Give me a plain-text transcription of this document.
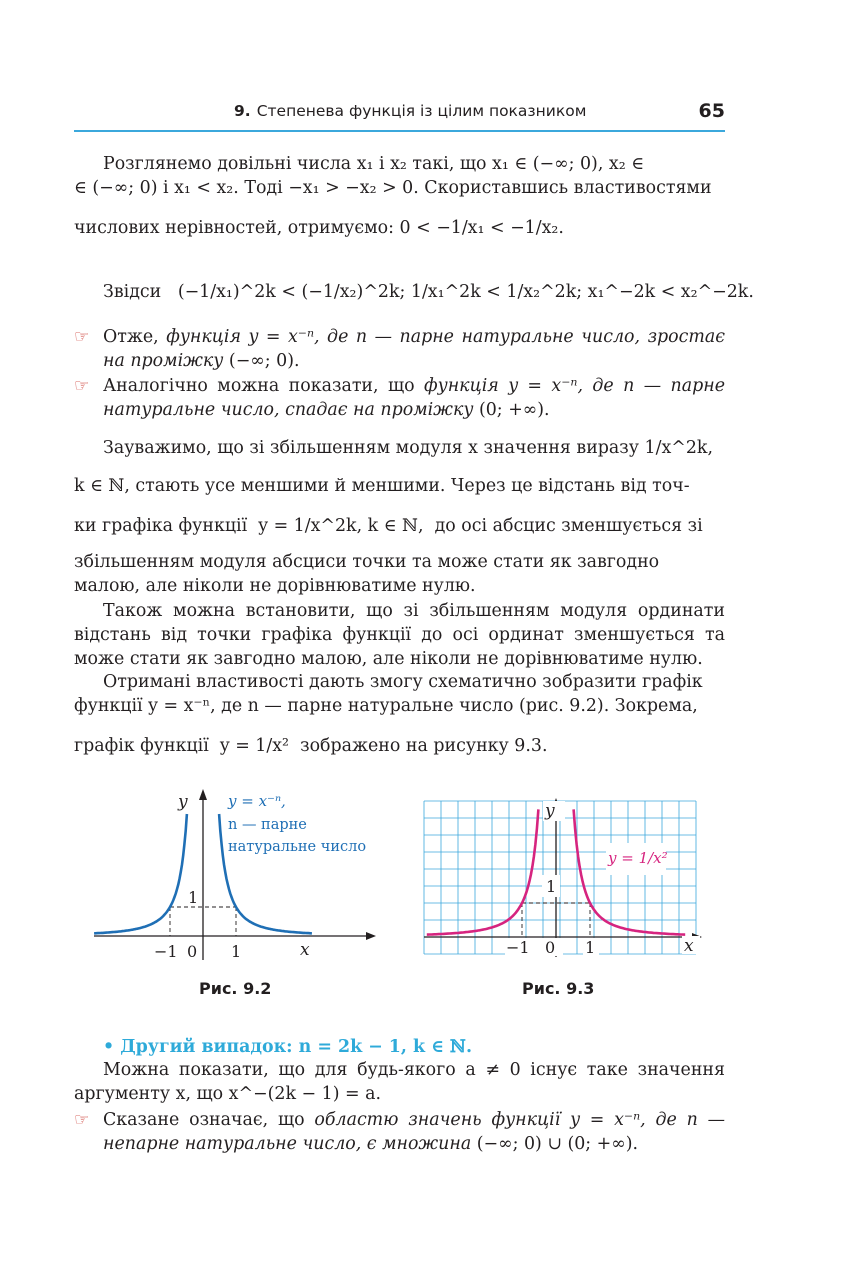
9. Степенева функція із цілим показником	65
Розглянемо довільні числа x₁ і x₂ такі, що x₁ ∈ (−∞; 0), x₂ ∈
∈ (−∞; 0) і x₁ < x₂. Тоді −x₁ > −x₂ > 0. Скориставшись властивостями
числових нерівностей, отримуємо: 0 < −1/x₁ < −1/x₂.
Звідси (−1/x₁)^2k < (−1/x₂)^2k; 1/x₁^2k < 1/x₂^2k; x₁^−2k < x₂^−2k.
☞ Отже, функція y = x⁻ⁿ, де n — парне натуральне число, зростає на проміжку (−∞; 0).
☞ Аналогічно можна показати, що функція y = x⁻ⁿ, де n — парне натуральне число, спадає на проміжку (0; +∞).
Зауважимо, що зі збільшенням модуля x значення виразу 1/x^2k,
k ∈ ℕ, стають усе меншими й меншими. Через це відстань від точ-
ки графіка функції y = 1/x^2k, k ∈ ℕ, до осі абсцис зменшується зі
збільшенням модуля абсциси точки та може стати як завгодно
малою, але ніколи не дорівнюватиме нулю.
Також можна встановити, що зі збільшенням модуля ординати відстань від точки графіка функції до осі ординат зменшується та може стати як завгодно малою, але ніколи не дорівнюватиме нулю.
Отримані властивості дають змогу схематично зобразити графік
функції y = x⁻ⁿ, де n — парне натуральне число (рис. 9.2). Зокрема,
графік функції y = 1/x² зображено на рисунку 9.3.
y
x
1
−1 0 1
y = x⁻ⁿ,
n — парне
натуральне число
Рис. 9.2
y
x
1
−1 0 1
y = 1/x²
Рис. 9.3
• Другий випадок: n = 2k − 1, k ∈ ℕ.
Можна показати, що для будь-якого a ≠ 0 існує таке значення аргументу x, що x^−(2k − 1) = a.
☞ Сказане означає, що областю значень функції y = x⁻ⁿ, де n — непарне натуральне число, є множина (−∞; 0) ∪ (0; +∞).
